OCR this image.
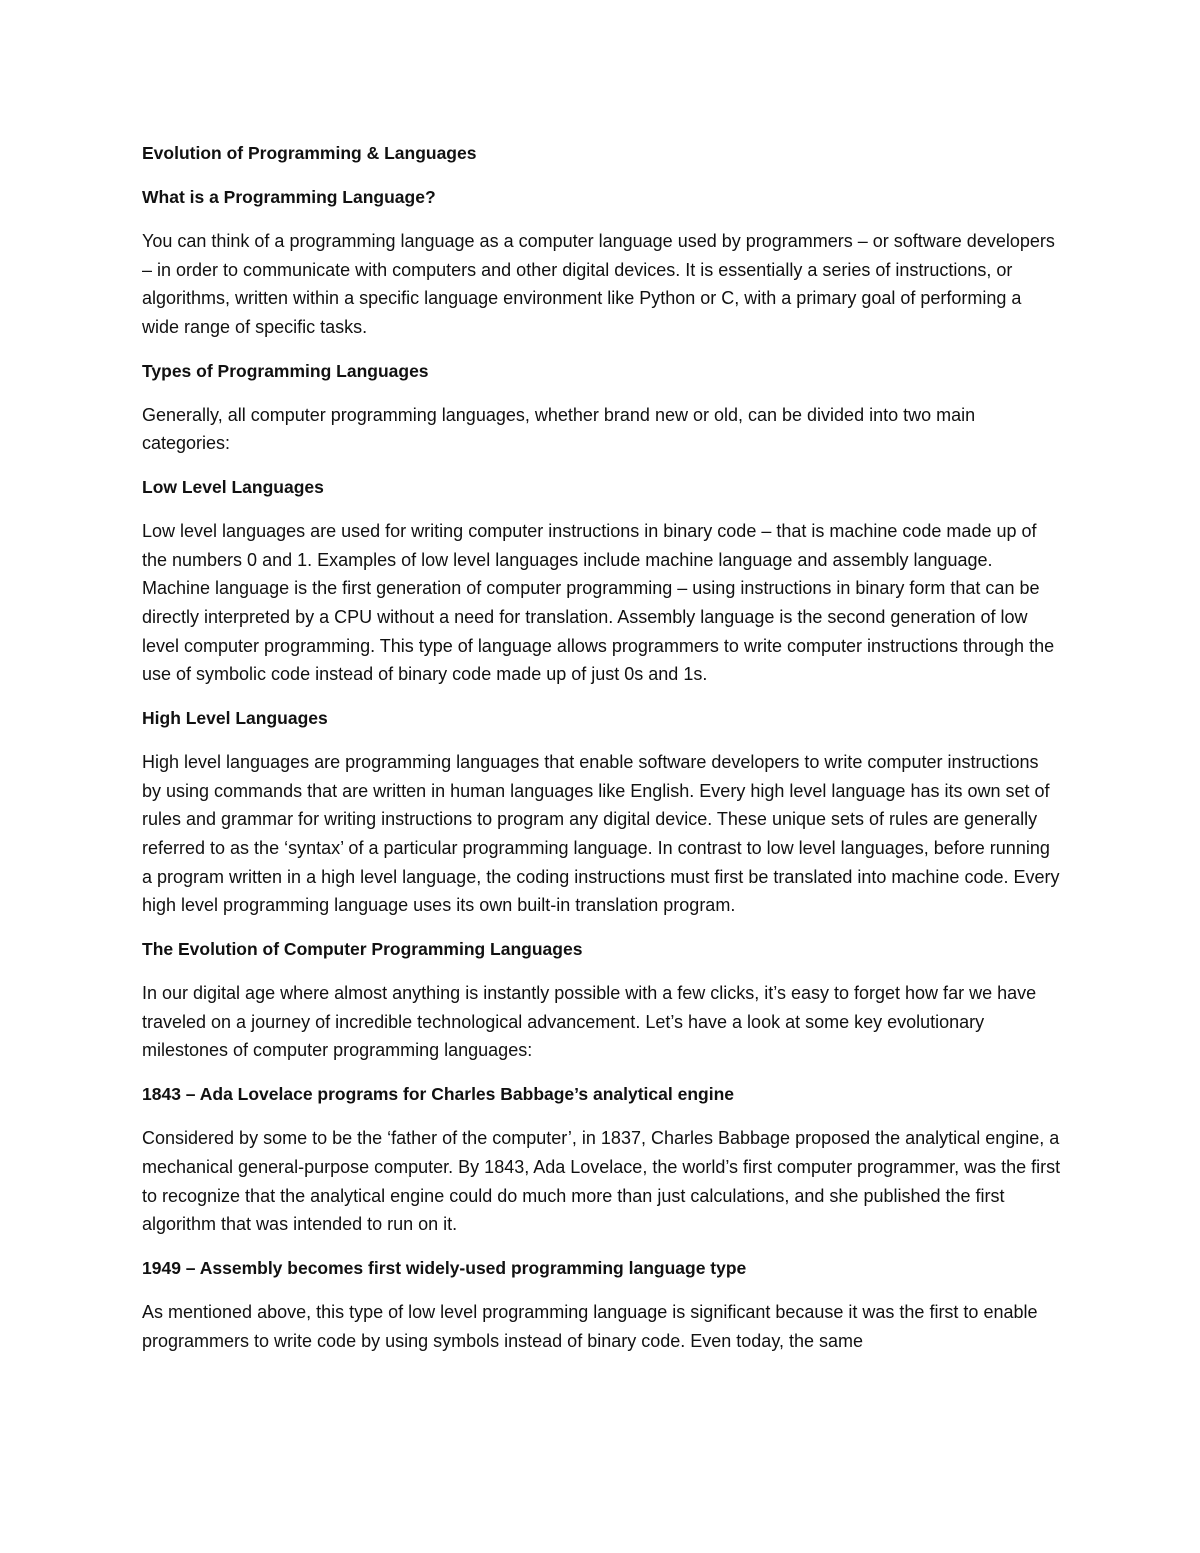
Evolution of Programming & Languages
What is a Programming Language?
You can think of a programming language as a computer language used by programmers – or software developers – in order to communicate with computers and other digital devices. It is essentially a series of instructions, or algorithms, written within a specific language environment like Python or C, with a primary goal of performing a wide range of specific tasks.
Types of Programming Languages
Generally, all computer programming languages, whether brand new or old, can be divided into two main categories:
Low Level Languages
Low level languages are used for writing computer instructions in binary code – that is machine code made up of the numbers 0 and 1. Examples of low level languages include machine language and assembly language. Machine language is the first generation of computer programming – using instructions in binary form that can be directly interpreted by a CPU without a need for translation. Assembly language is the second generation of low level computer programming. This type of language allows programmers to write computer instructions through the use of symbolic code instead of binary code made up of just 0s and 1s.
High Level Languages
High level languages are programming languages that enable software developers to write computer instructions by using commands that are written in human languages like English. Every high level language has its own set of rules and grammar for writing instructions to program any digital device. These unique sets of rules are generally referred to as the ‘syntax’ of a particular programming language. In contrast to low level languages, before running a program written in a high level language, the coding instructions must first be translated into machine code. Every high level programming language uses its own built-in translation program.
The Evolution of Computer Programming Languages
In our digital age where almost anything is instantly possible with a few clicks, it’s easy to forget how far we have traveled on a journey of incredible technological advancement. Let’s have a look at some key evolutionary milestones of computer programming languages:
1843 – Ada Lovelace programs for Charles Babbage’s analytical engine
Considered by some to be the ‘father of the computer’, in 1837, Charles Babbage proposed the analytical engine, a mechanical general-purpose computer. By 1843, Ada Lovelace, the world’s first computer programmer, was the first to recognize that the analytical engine could do much more than just calculations, and she published the first algorithm that was intended to run on it.
1949 – Assembly becomes first widely-used programming language type
As mentioned above, this type of low level programming language is significant because it was the first to enable programmers to write code by using symbols instead of binary code. Even today, the same
